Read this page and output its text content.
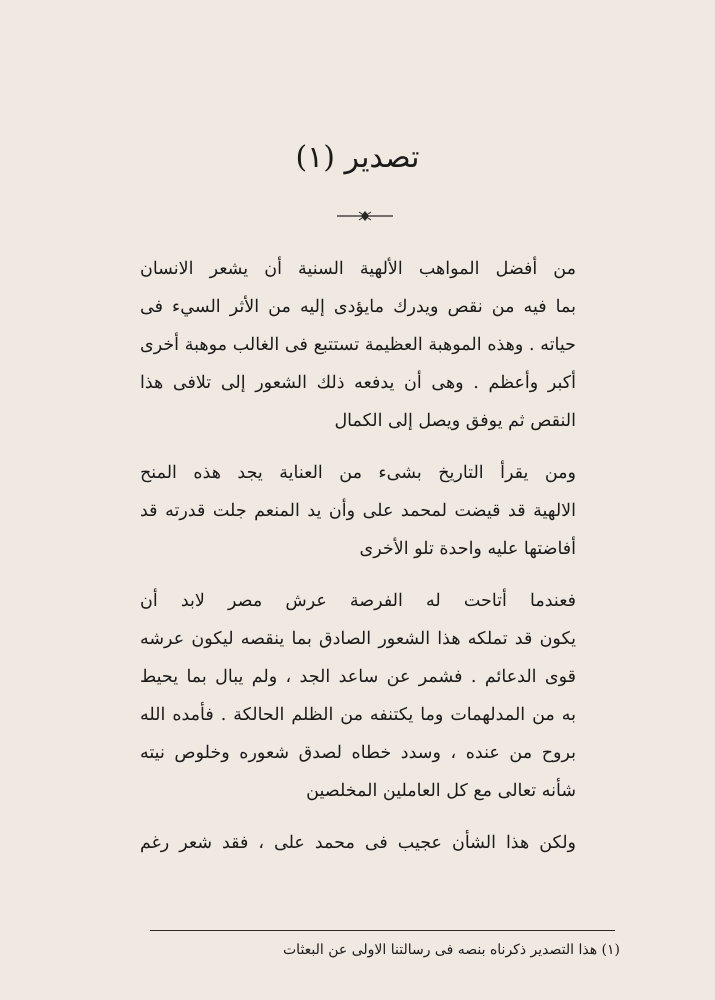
تصدير (١)
من أفضل المواهب الألهية السنية أن يشعر الانسان
بما فيه من نقص ويدرك مايؤدى إليه من الأثر السيء فى
حياته . وهذه الموهبة العظيمة تستتبع فى الغالب موهبة أخرى
أكبر وأعظم . وهى أن يدفعه ذلك الشعور إلى تلافى هذا
النقص ثم يوفق ويصل إلى الكمال
ومن يقرأ التاريخ بشىء من العناية يجد هذه المنح
الالهية قد قيضت لمحمد على وأن يد المنعم جلت قدرته قد
أفاضتها عليه واحدة تلو الأخرى
فعندما أتاحت له الفرصة عرش مصر لابد أن
يكون قد تملكه هذا الشعور الصادق بما ينقصه ليكون عرشه
قوى الدعائم . فشمر عن ساعد الجد ، ولم يبال بما يحيط
به من المدلهمات وما يكتنفه من الظلم الحالكة . فأمده الله
بروح من عنده ، وسدد خطاه لصدق شعوره وخلوص نيته
شأنه تعالى مع كل العاملين المخلصين
ولكن هذا الشأن عجيب فى محمد على ، فقد شعر رغم
(١) هذا التصدير ذكرناه بنصه فى رسالتنا الاولى عن البعثات
